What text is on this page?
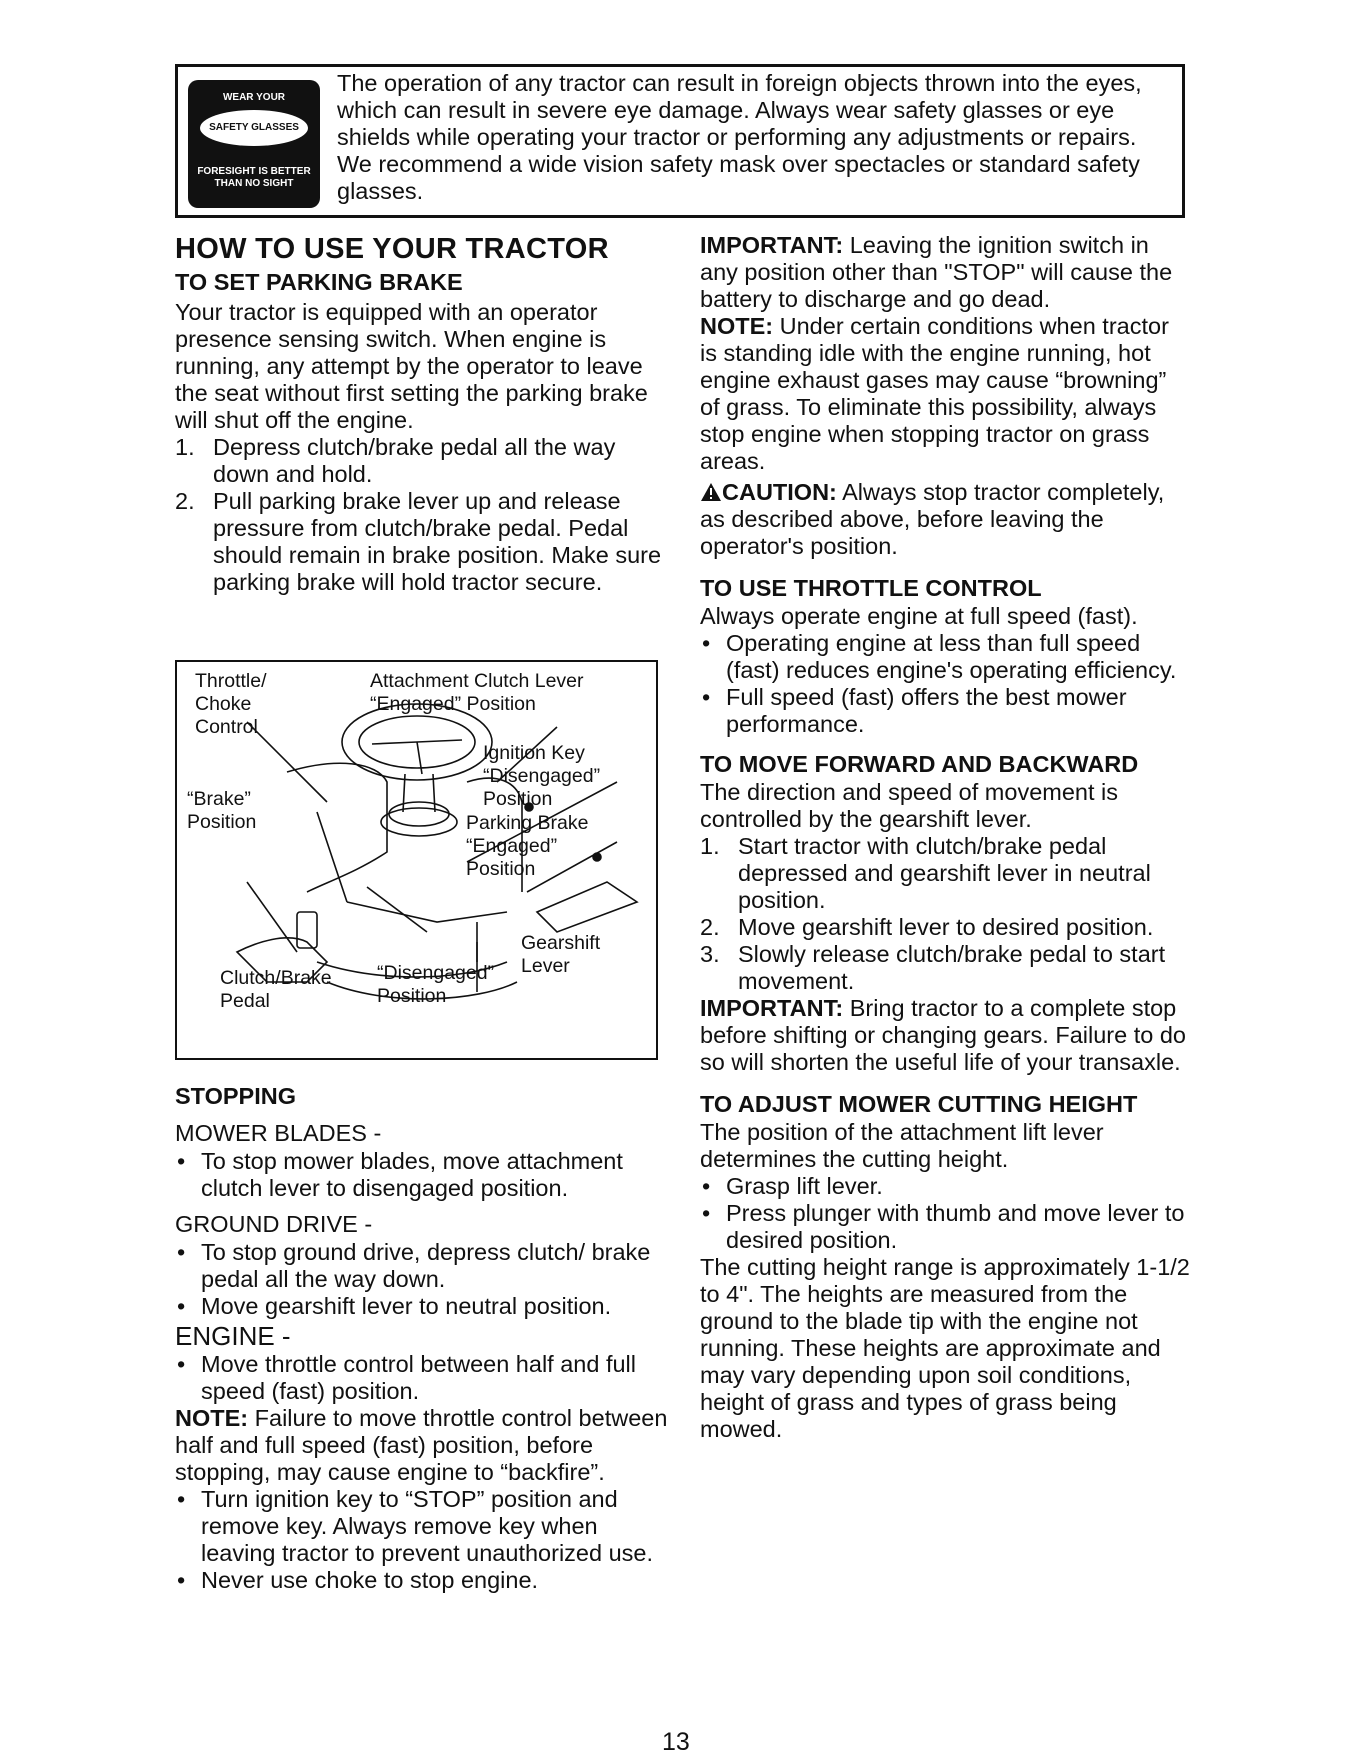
WEAR YOUR
SAFETY GLASSES
FORESIGHT IS BETTER
THAN NO SIGHT
The operation of any tractor can result in foreign objects thrown into the eyes, which can result in severe eye damage. Always wear safety glasses or eye shields while operating your tractor or performing any adjustments or repairs. We recommend a wide vision safety mask over spectacles or standard safety glasses.
HOW TO USE YOUR TRACTOR
TO SET PARKING BRAKE

Your tractor is equipped with an operator presence sensing switch. When engine is running, any attempt by the operator to leave the seat without first setting the parking brake will shut off the engine.

1. Depress clutch/brake pedal all the way down and hold.
2. Pull parking brake lever up and release pressure from clutch/brake pedal. Pedal should remain in brake position. Make sure parking brake will hold tractor secure.
Throttle/
Choke
Control
Attachment Clutch Lever
“Engaged” Position
Ignition Key
“Disengaged”
Position
“Brake”
Position	Parking Brake
“Engaged”
Position
Gearshift
Lever
Clutch/Brake
Pedal
“Disengaged”
Position
STOPPING
MOWER BLADES -
• To stop mower blades, move attachment clutch lever to disengaged position.
GROUND DRIVE -
• To stop ground drive, depress clutch/ brake pedal all the way down.
• Move gearshift lever to neutral position.
ENGINE -
• Move throttle control between half and full speed (fast) position.

NOTE: Failure to move throttle control between half and full speed (fast) position, before stopping, may cause engine to “backfire”.

• Turn ignition key to “STOP” position and remove key. Always remove key when leaving tractor to prevent unauthorized use.
• Never use choke to stop engine.

IMPORTANT: Leaving the ignition switch in any position other than "STOP" will cause the battery to discharge and go dead.

NOTE: Under certain conditions when tractor is standing idle with the engine running, hot engine exhaust gases may cause “browning” of grass. To eliminate this possibility, always stop engine when stopping tractor on grass areas.

CAUTION: Always stop tractor completely, as described above, before leaving the operator's position.

TO USE THROTTLE CONTROL

Always operate engine at full speed (fast).

• Operating engine at less than full speed (fast) reduces engine's operating efficiency.
• Full speed (fast) offers the best mower performance.
TO MOVE FORWARD AND BACKWARD

The direction and speed of movement is controlled by the gearshift lever.

1. Start tractor with clutch/brake pedal depressed and gearshift lever in neutral position.
2. Move gearshift lever to desired position.
3. Slowly release clutch/brake pedal to start movement.

IMPORTANT: Bring tractor to a complete stop before shifting or changing gears. Failure to do so will shorten the useful life of your transaxle.

TO ADJUST MOWER CUTTING HEIGHT

The position of the attachment lift lever determines the cutting height.

• Grasp lift lever.
• Press plunger with thumb and move lever to desired position.

The cutting height range is approximately 1-1/2 to 4". The heights are measured from the ground to the blade tip with the engine not running. These heights are approximate and may vary depending upon soil conditions, height of grass and types of grass being mowed.

13
